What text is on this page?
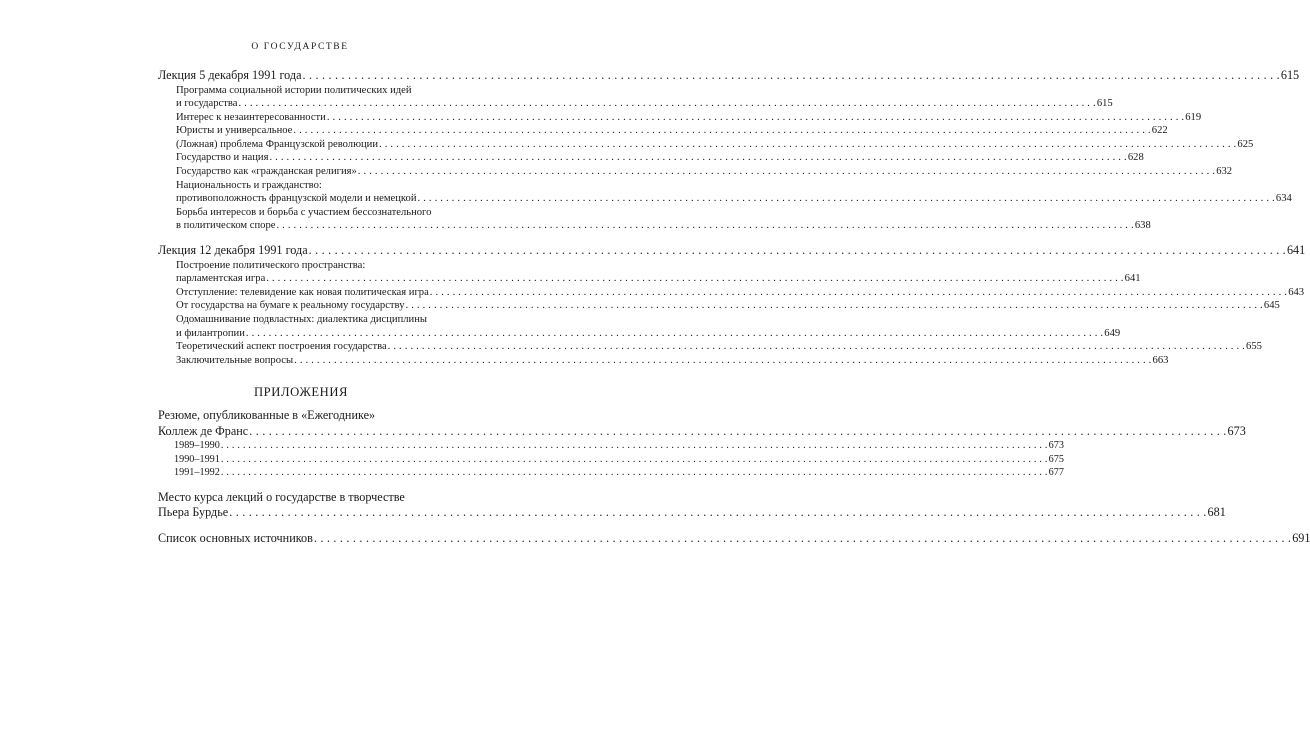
О ГОСУДАРСТВЕ
Лекция 5 декабря 1991 года . . .	615
Программа социальной истории политических идей
и государства . . .	615
Интерес к незаинтересованности . . .	619
Юристы и универсальное . . .	622
(Ложная) проблема Французской революции . . .	625
Государство и нация . . .	628
Государство как «гражданская религия» . . .	632
Национальность и гражданство:
противоположность французской модели и немецкой . . .	634
Борьба интересов и борьба с участием бессознательного
в политическом споре . . .	638
Лекция 12 декабря 1991 года . . .	641
Построение политического пространства:
парламентская игра . . .	641
Отступление: телевидение как новая политическая игра . . .	643
От государства на бумаге к реальному государству . . .	645
Одомашнивание подвластных: диалектика дисциплины
и филантропии . . .	649
Теоретический аспект построения государства . . .	655
Заключительные вопросы . . .	663
ПРИЛОЖЕНИЯ
Резюме, опубликованные в «Ежегоднике»
Коллеж де Франс . . .	673
1989–1990 . . .	673
1990–1991 . . .	675
1991–1992 . . .	677
Место курса лекций о государстве в творчестве
Пьера Бурдье . . .	681
Список основных источников . . .	691
